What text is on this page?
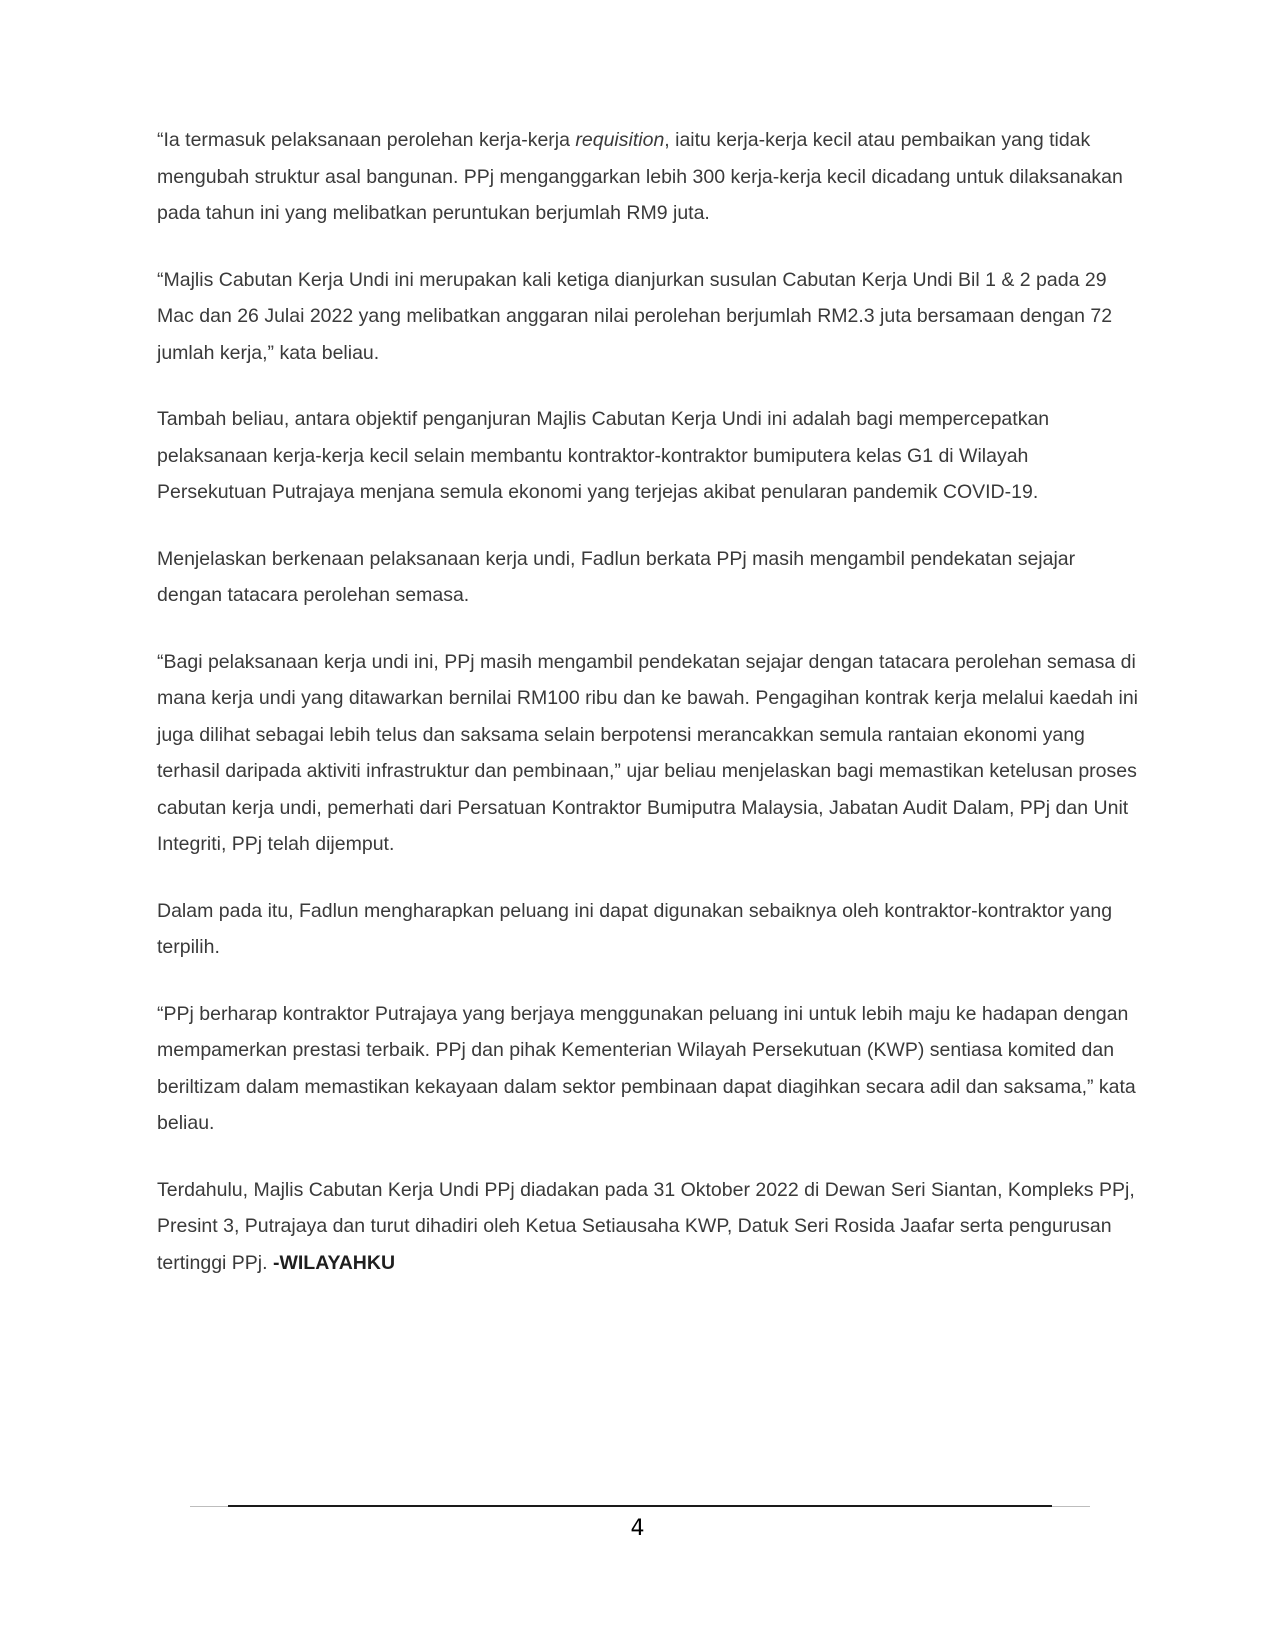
“Ia termasuk pelaksanaan perolehan kerja-kerja requisition, iaitu kerja-kerja kecil atau pembaikan yang tidak mengubah struktur asal bangunan. PPj menganggarkan lebih 300 kerja-kerja kecil dicadang untuk dilaksanakan pada tahun ini yang melibatkan peruntukan berjumlah RM9 juta.

“Majlis Cabutan Kerja Undi ini merupakan kali ketiga dianjurkan susulan Cabutan Kerja Undi Bil 1 & 2 pada 29 Mac dan 26 Julai 2022 yang melibatkan anggaran nilai perolehan berjumlah RM2.3 juta bersamaan dengan 72 jumlah kerja,” kata beliau.

Tambah beliau, antara objektif penganjuran Majlis Cabutan Kerja Undi ini adalah bagi mempercepatkan pelaksanaan kerja-kerja kecil selain membantu kontraktor-kontraktor bumiputera kelas G1 di Wilayah Persekutuan Putrajaya menjana semula ekonomi yang terjejas akibat penularan pandemik COVID-19.

Menjelaskan berkenaan pelaksanaan kerja undi, Fadlun berkata PPj masih mengambil pendekatan sejajar dengan tatacara perolehan semasa.

“Bagi pelaksanaan kerja undi ini, PPj masih mengambil pendekatan sejajar dengan tatacara perolehan semasa di mana kerja undi yang ditawarkan bernilai RM100 ribu dan ke bawah. Pengagihan kontrak kerja melalui kaedah ini juga dilihat sebagai lebih telus dan saksama selain berpotensi merancakkan semula rantaian ekonomi yang terhasil daripada aktiviti infrastruktur dan pembinaan,” ujar beliau menjelaskan bagi memastikan ketelusan proses cabutan kerja undi, pemerhati dari Persatuan Kontraktor Bumiputra Malaysia, Jabatan Audit Dalam, PPj dan Unit Integriti, PPj telah dijemput.

Dalam pada itu, Fadlun mengharapkan peluang ini dapat digunakan sebaiknya oleh kontraktor-kontraktor yang terpilih.

“PPj berharap kontraktor Putrajaya yang berjaya menggunakan peluang ini untuk lebih maju ke hadapan dengan mempamerkan prestasi terbaik. PPj dan pihak Kementerian Wilayah Persekutuan (KWP) sentiasa komited dan beriltizam dalam memastikan kekayaan dalam sektor pembinaan dapat diagihkan secara adil dan saksama,” kata beliau.

Terdahulu, Majlis Cabutan Kerja Undi PPj diadakan pada 31 Oktober 2022 di Dewan Seri Siantan, Kompleks PPj, Presint 3, Putrajaya dan turut dihadiri oleh Ketua Setiausaha KWP, Datuk Seri Rosida Jaafar serta pengurusan tertinggi PPj. -WILAYAHKU

4
